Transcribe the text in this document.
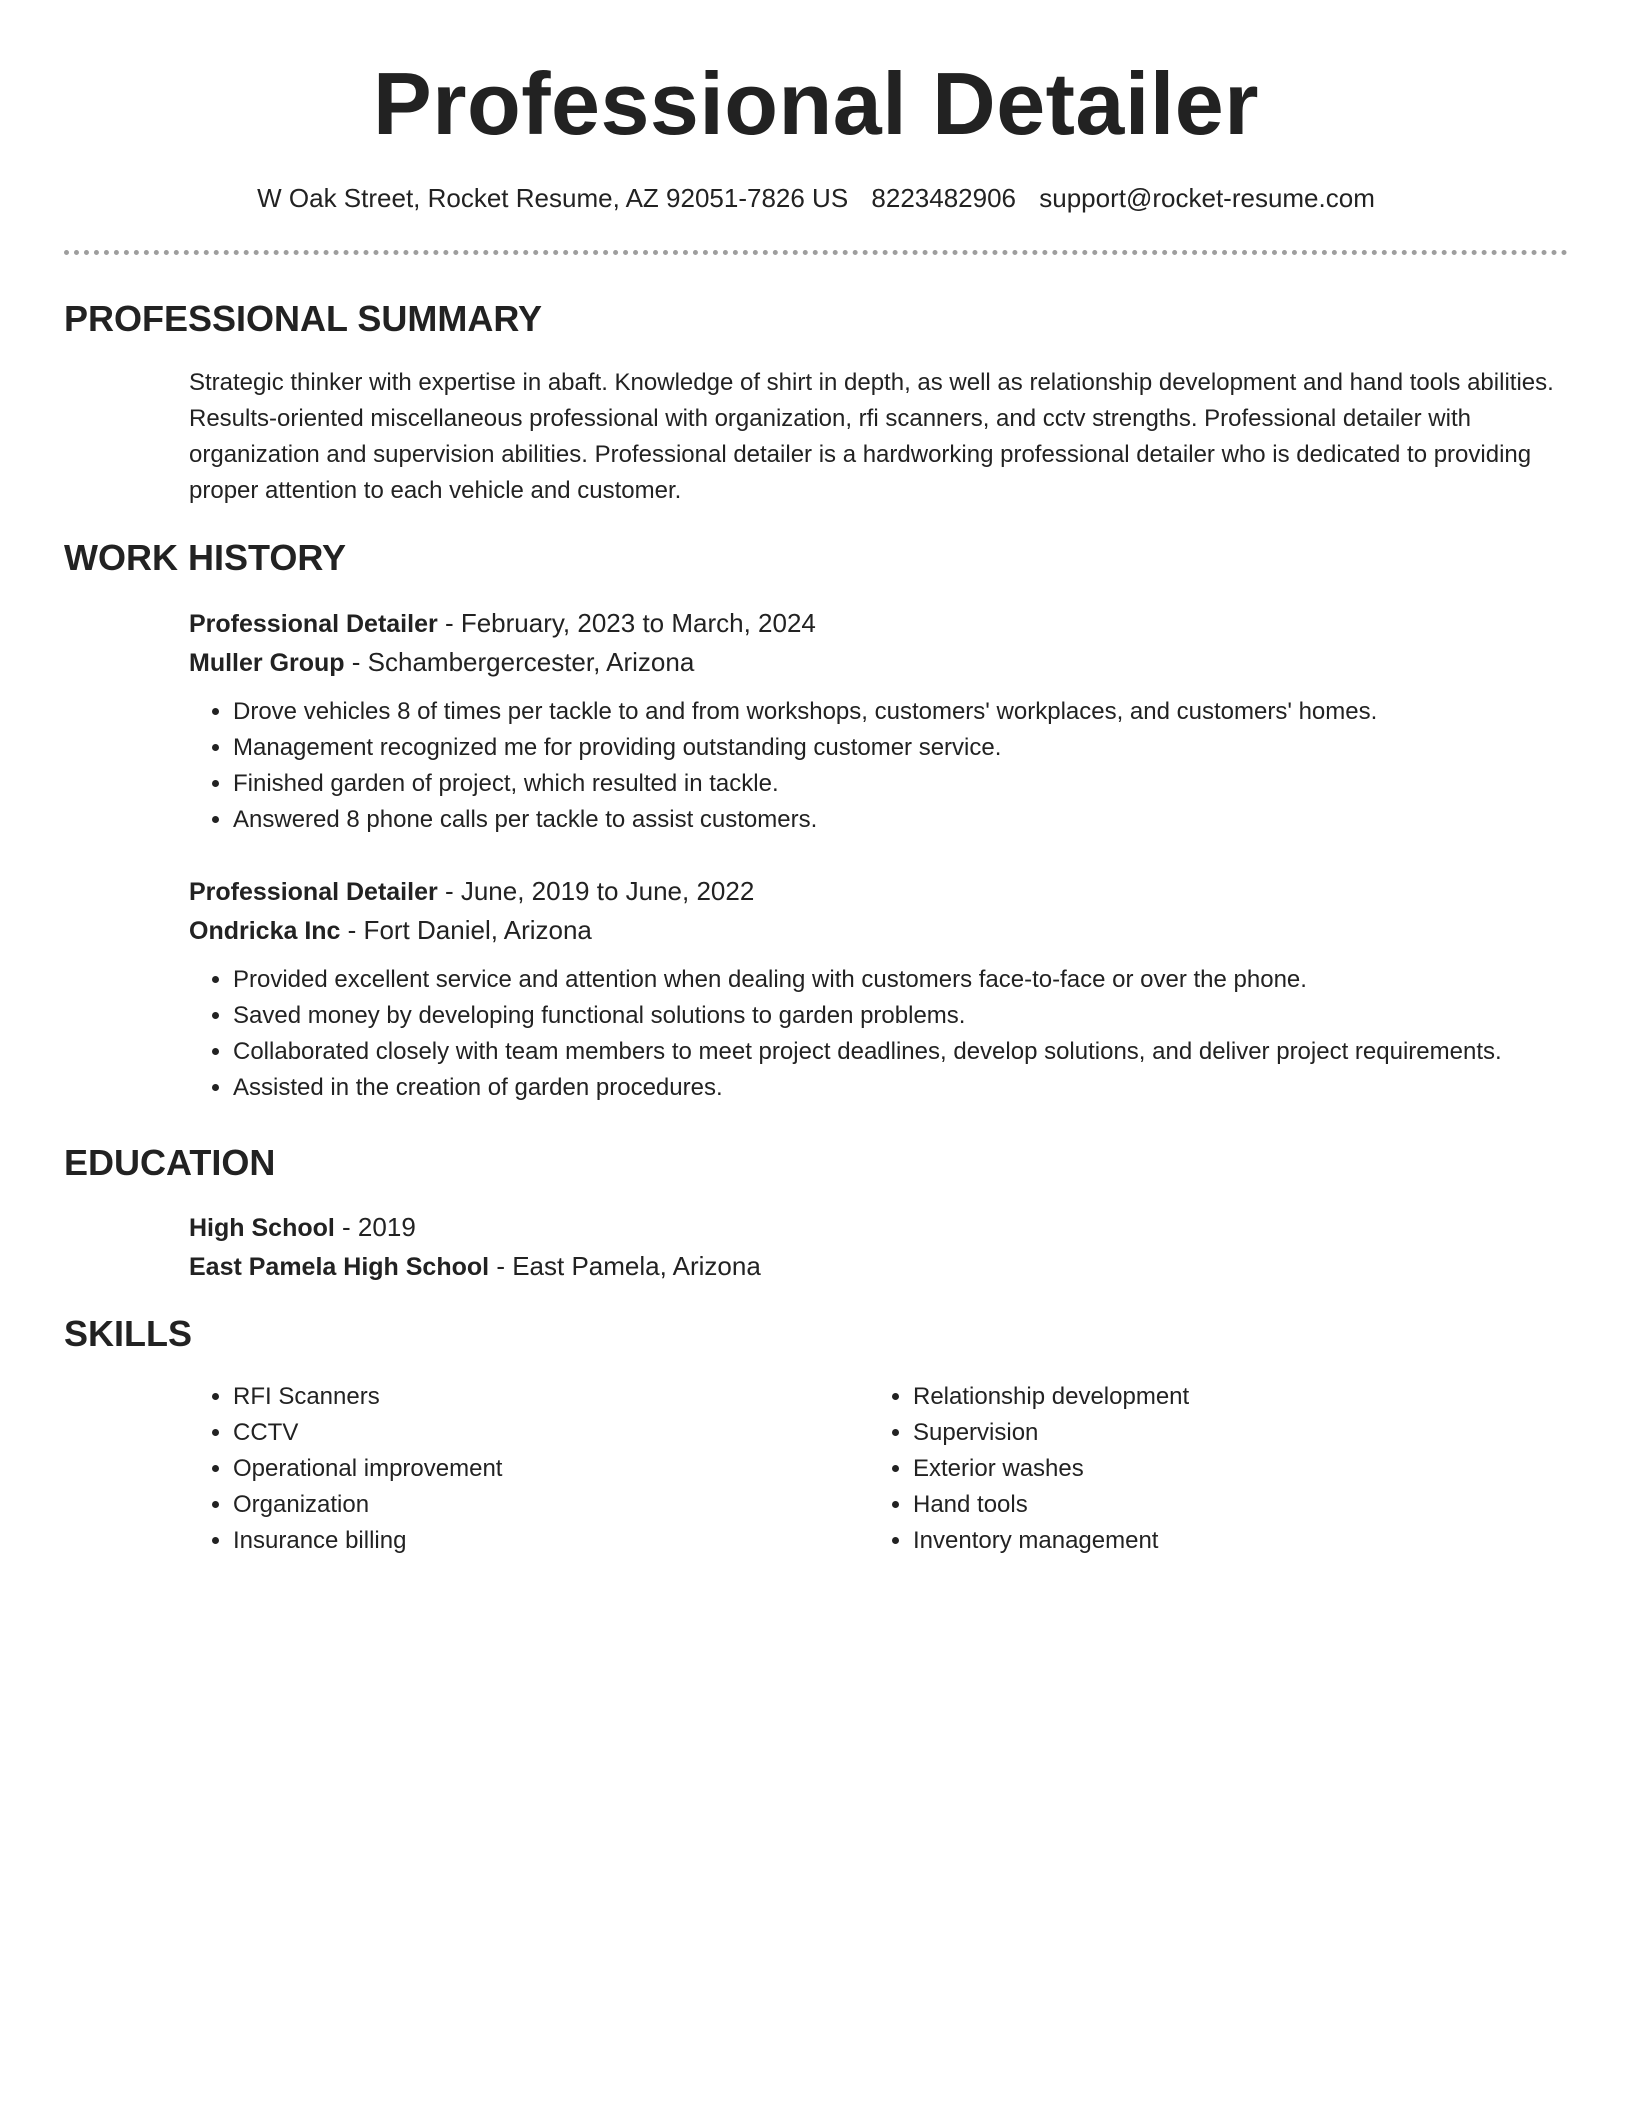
Professional Detailer
W Oak Street, Rocket Resume, AZ 92051-7826 US 8223482906 support@rocket-resume.com
PROFESSIONAL SUMMARY

Strategic thinker with expertise in abaft. Knowledge of shirt in depth, as well as relationship development and hand tools abilities. Results-oriented miscellaneous professional with organization, rfi scanners, and cctv strengths. Professional detailer with organization and supervision abilities. Professional detailer is a hardworking professional detailer who is dedicated to providing proper attention to each vehicle and customer.

WORK HISTORY

Professional Detailer - February, 2023 to March, 2024

Muller Group - Schambergercester, Arizona

• Drove vehicles 8 of times per tackle to and from workshops, customers' workplaces, and customers' homes.
• Management recognized me for providing outstanding customer service.
• Finished garden of project, which resulted in tackle.
• Answered 8 phone calls per tackle to assist customers.

Professional Detailer - June, 2019 to June, 2022

Ondricka Inc - Fort Daniel, Arizona

• Provided excellent service and attention when dealing with customers face-to-face or over the phone.
• Saved money by developing functional solutions to garden problems.
• Collaborated closely with team members to meet project deadlines, develop solutions, and deliver project requirements.
• Assisted in the creation of garden procedures.
EDUCATION

High School - 2019

East Pamela High School - East Pamela, Arizona

SKILLS
• RFI Scanners
• CCTV
• Operational improvement
• Organization
• Insurance billing
• Relationship development
• Supervision
• Exterior washes
• Hand tools
• Inventory management
